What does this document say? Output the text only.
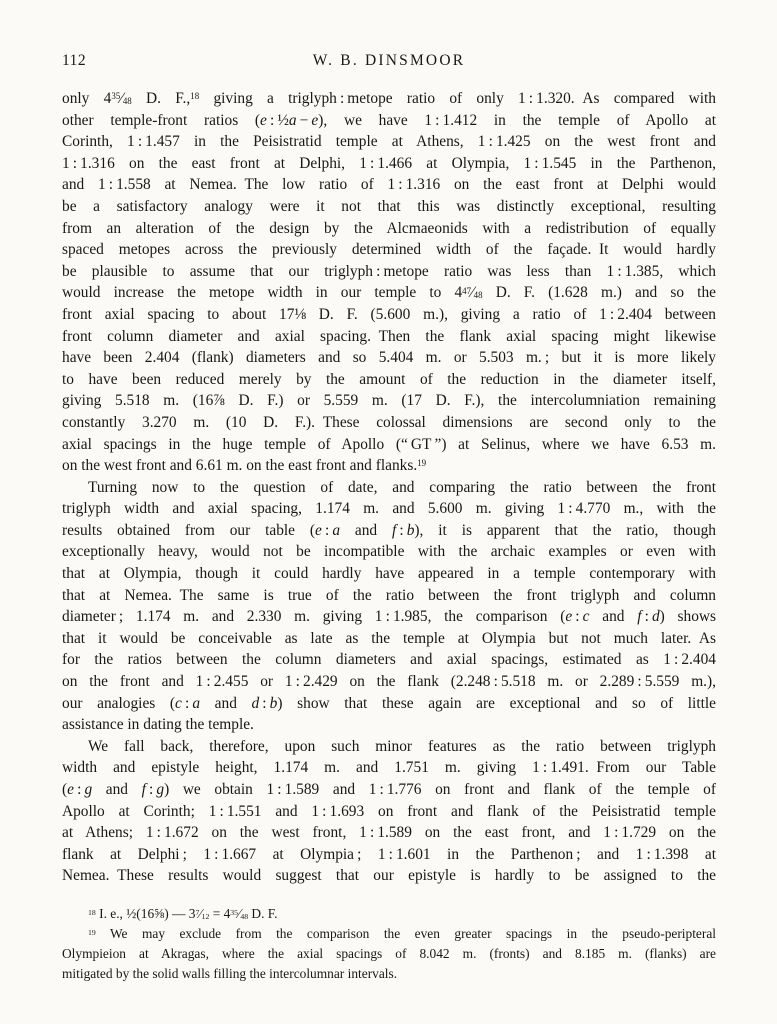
112	W. B. DINSMOOR
only $4^{35}⁄_{48}$ D. F.,$^{18}$ giving a triglyph : metope ratio of only 1 : 1.320. As compared with
other temple-front ratios (e : ½a − e), we have 1 : 1.412 in the temple of Apollo at
Corinth, 1 : 1.457 in the Peisistratid temple at Athens, 1 : 1.425 on the west front and
1 : 1.316 on the east front at Delphi, 1 : 1.466 at Olympia, 1 : 1.545 in the Parthenon,
and 1 : 1.558 at Nemea. The low ratio of 1 : 1.316 on the east front at Delphi would
be a satisfactory analogy were it not that this was distinctly exceptional, resulting
from an alteration of the design by the Alcmaeonids with a redistribution of equally
spaced metopes across the previously determined width of the façade. It would hardly
be plausible to assume that our triglyph : metope ratio was less than 1 : 1.385, which
would increase the metope width in our temple to $4^{47}⁄_{48}$ D. F. (1.628 m.) and so the
front axial spacing to about 17⅛ D. F. (5.600 m.), giving a ratio of 1 : 2.404 between
front column diameter and axial spacing. Then the flank axial spacing might likewise
have been 2.404 (flank) diameters and so 5.404 m. or 5.503 m. ; but it is more likely
to have been reduced merely by the amount of the reduction in the diameter itself,
giving 5.518 m. (16⅞ D. F.) or 5.559 m. (17 D. F.), the intercolumniation remaining
constantly 3.270 m. (10 D. F.). These colossal dimensions are second only to the
axial spacings in the huge temple of Apollo (“ GT ”) at Selinus, where we have 6.53 m.
on the west front and 6.61 m. on the east front and flanks.$^{19}$
Turning now to the question of date, and comparing the ratio between the front
triglyph width and axial spacing, 1.174 m. and 5.600 m. giving 1 : 4.770 m., with the
results obtained from our table (e : a and f : b), it is apparent that the ratio, though
exceptionally heavy, would not be incompatible with the archaic examples or even with
that at Olympia, though it could hardly have appeared in a temple contemporary with
that at Nemea. The same is true of the ratio between the front triglyph and column
diameter ; 1.174 m. and 2.330 m. giving 1 : 1.985, the comparison (e : c and f : d) shows
that it would be conceivable as late as the temple at Olympia but not much later. As
for the ratios between the column diameters and axial spacings, estimated as 1 : 2.404
on the front and 1 : 2.455 or 1 : 2.429 on the flank (2.248 : 5.518 m. or 2.289 : 5.559 m.),
our analogies (c : a and d : b) show that these again are exceptional and so of little
assistance in dating the temple.
We fall back, therefore, upon such minor features as the ratio between triglyph
width and epistyle height, 1.174 m. and 1.751 m. giving 1 : 1.491. From our Table
(e : g and f : g) we obtain 1 : 1.589 and 1 : 1.776 on front and flank of the temple of
Apollo at Corinth; 1 : 1.551 and 1 : 1.693 on front and flank of the Peisistratid temple
at Athens; 1 : 1.672 on the west front, 1 : 1.589 on the east front, and 1 : 1.729 on the
flank at Delphi ; 1 : 1.667 at Olympia ; 1 : 1.601 in the Parthenon ; and 1 : 1.398 at
Nemea. These results would suggest that our epistyle is hardly to be assigned to the
$^{18}$ I. e., ½(16⅝) — $3^7⁄_{12}$ = $4^{35}⁄_{48}$ D. F.
$^{19}$ We may exclude from the comparison the even greater spacings in the pseudo-peripteral
Olympieion at Akragas, where the axial spacings of 8.042 m. (fronts) and 8.185 m. (flanks) are
mitigated by the solid walls filling the intercolumnar intervals.
